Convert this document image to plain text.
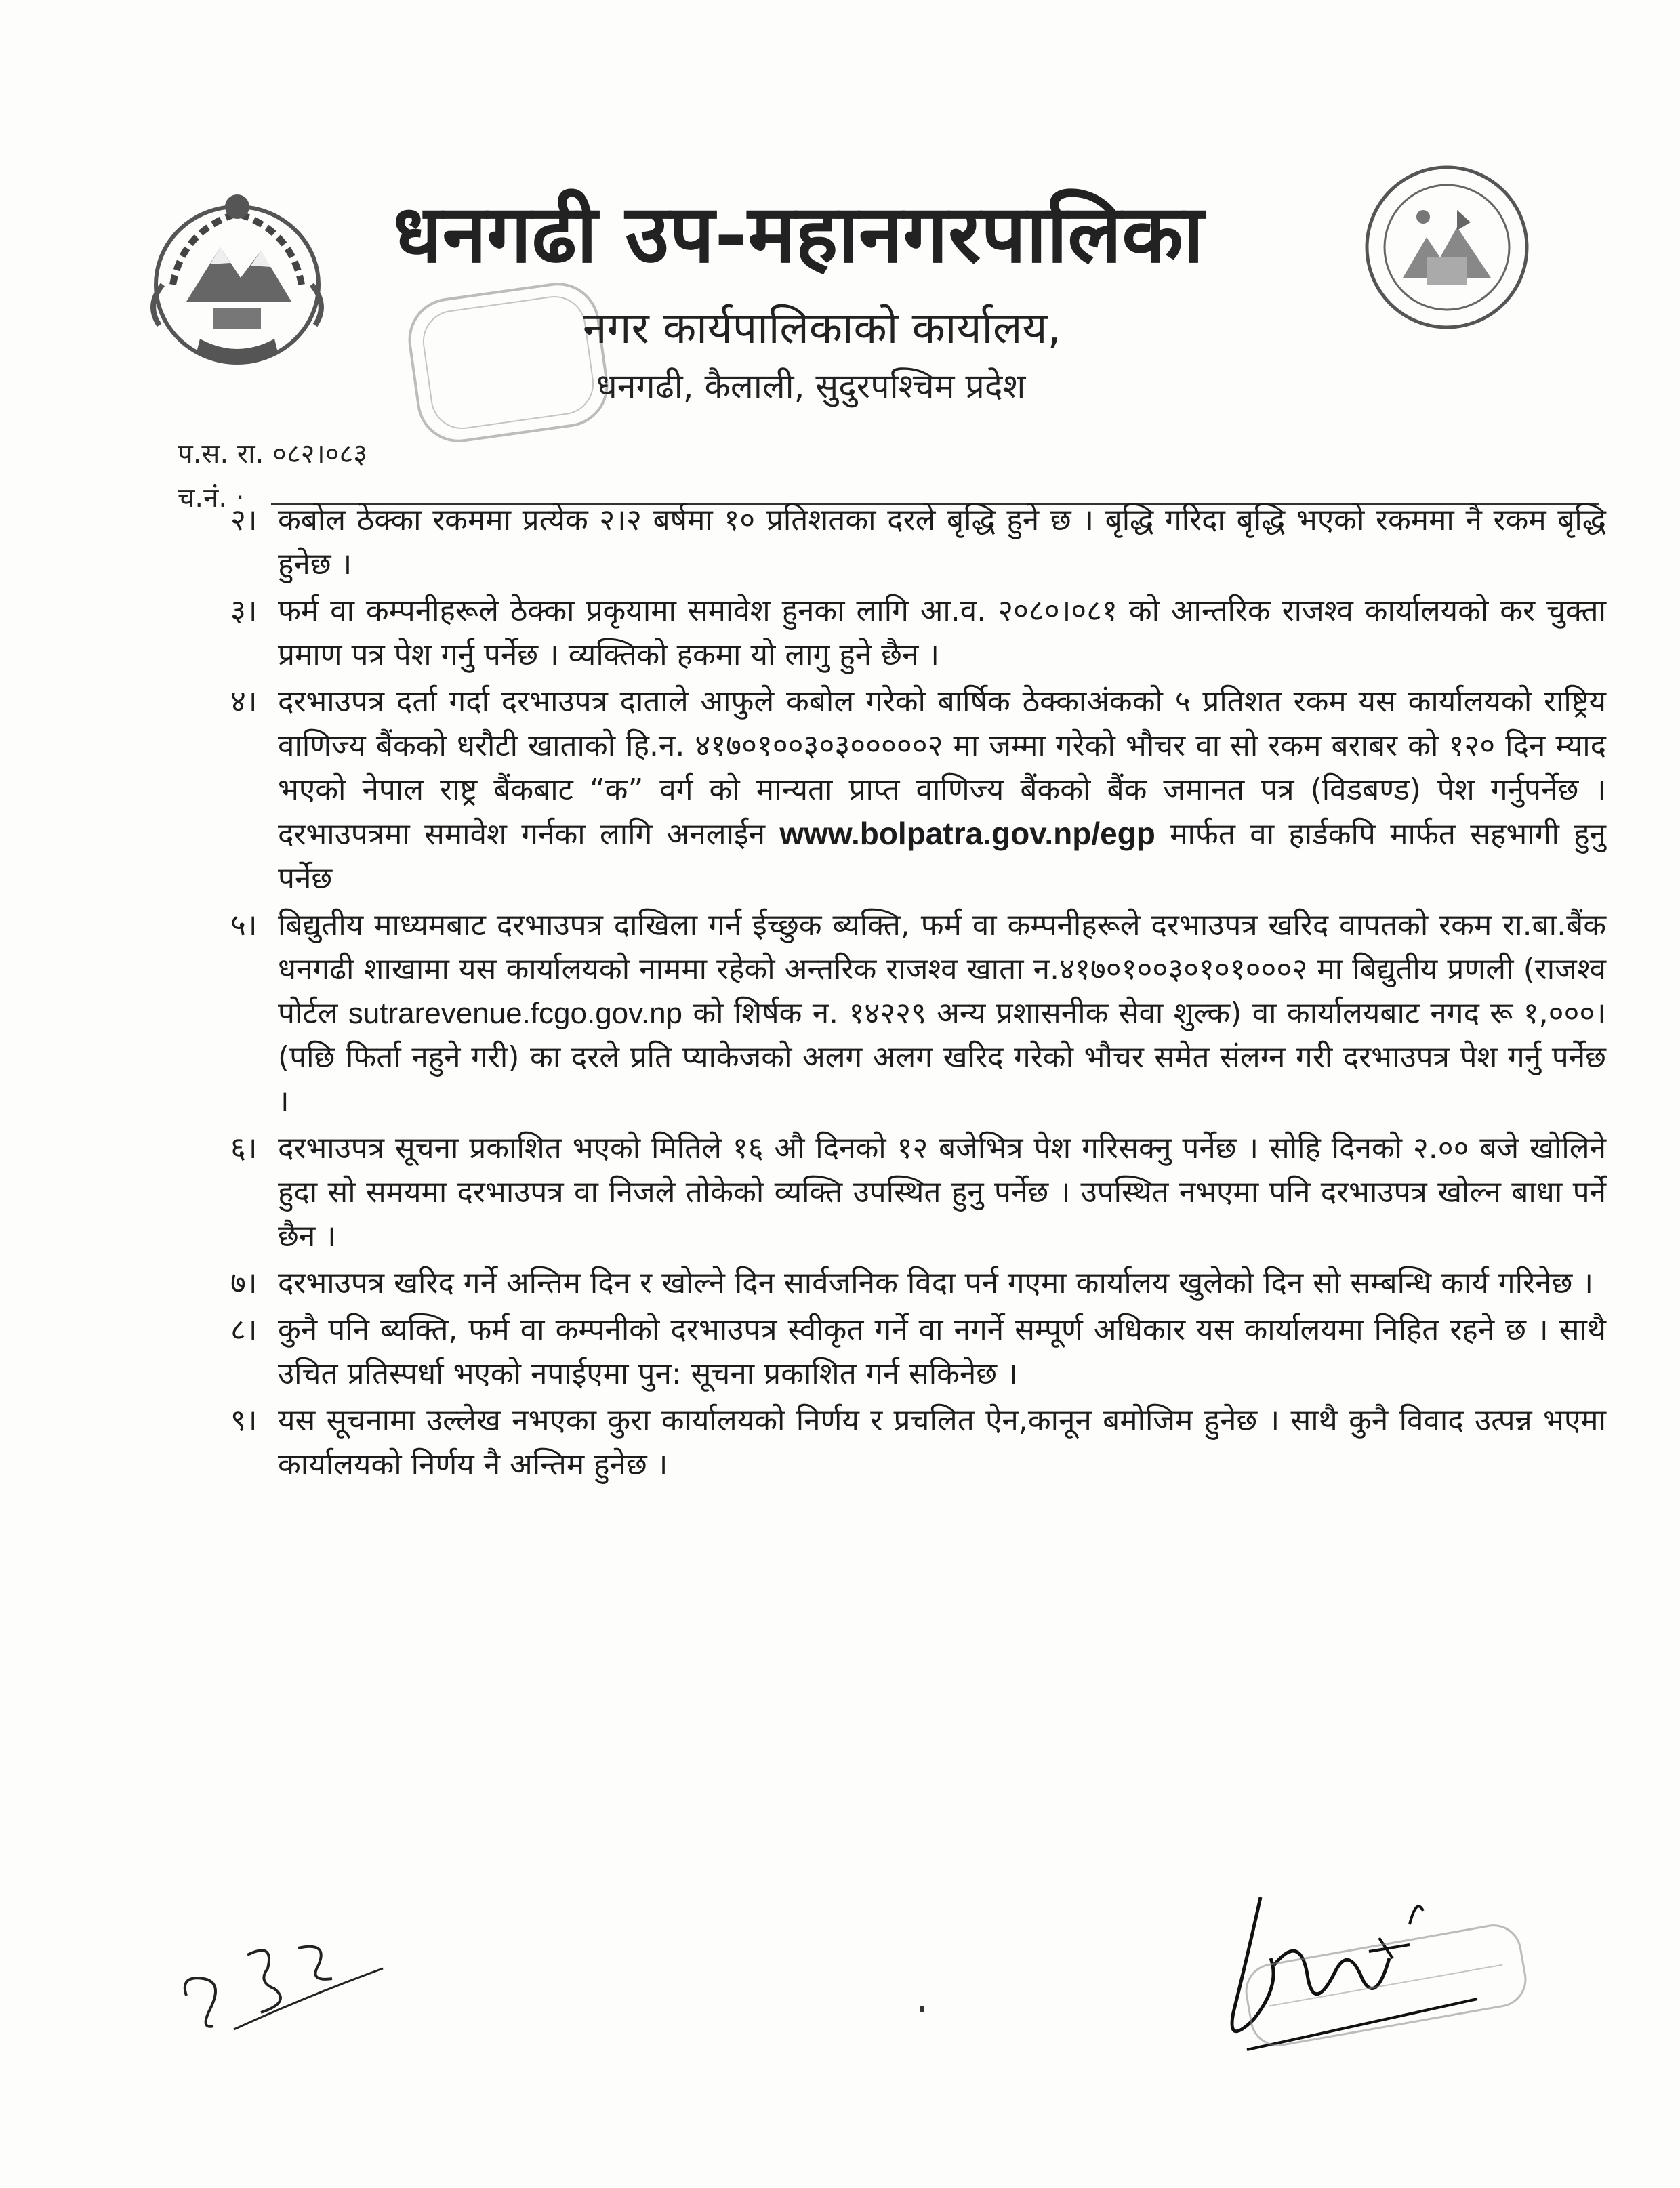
धनगढी उप-महानगरपालिका
नगर कार्यपालिकाको कार्यालय,
धनगढी, कैलाली, सुदुरपश्चिम प्रदेश
प.स. रा. ०८२।०८३
च.नं. ·
२। कबोल ठेक्का रकममा प्रत्येक २।२ बर्षमा १० प्रतिशतका दरले बृद्धि हुने छ । बृद्धि गरिदा बृद्धि भएको रकममा नै रकम बृद्धि हुनेछ ।
३। फर्म वा कम्पनीहरूले ठेक्का प्रकृयामा समावेश हुनका लागि आ.व. २०८०।०८१ को आन्तरिक राजश्व कार्यालयको कर चुक्ता प्रमाण पत्र पेश गर्नु पर्नेछ । व्यक्तिको हकमा यो लागु हुने छैन ।
४। दरभाउपत्र दर्ता गर्दा दरभाउपत्र दाताले आफुले कबोल गरेको बार्षिक ठेक्काअंकको ५ प्रतिशत रकम यस कार्यालयको राष्ट्रिय वाणिज्य बैंकको धरौटी खाताको हि.न. ४१७०१००३०३०००००२ मा जम्मा गरेको भौचर वा सो रकम बराबर को १२० दिन म्याद भएको नेपाल राष्ट्र बैंकबाट “क” वर्ग को मान्यता प्राप्त वाणिज्य बैंकको बैंक जमानत पत्र (विडबण्ड) पेश गर्नुपर्नेछ । दरभाउपत्रमा समावेश गर्नका लागि अनलाईन www.bolpatra.gov.np/egp मार्फत वा हार्डकपि मार्फत सहभागी हुनु पर्नेछ
५। बिद्युतीय माध्यमबाट दरभाउपत्र दाखिला गर्न ईच्छुक ब्यक्ति, फर्म वा कम्पनीहरूले दरभाउपत्र खरिद वापतको रकम रा.बा.बैंक धनगढी शाखामा यस कार्यालयको नाममा रहेको अन्तरिक राजश्व खाता न.४१७०१००३०१०१०००२ मा बिद्युतीय प्रणली (राजश्व पोर्टल sutrarevenue.fcgo.gov.np को शिर्षक न. १४२२९ अन्य प्रशासनीक सेवा शुल्क) वा कार्यालयबाट नगद रू १,०००। (पछि फिर्ता नहुने गरी) का दरले प्रति प्याकेजको अलग अलग खरिद गरेको भौचर समेत संलग्न गरी दरभाउपत्र पेश गर्नु पर्नेछ ।
६। दरभाउपत्र सूचना प्रकाशित भएको मितिले १६ औ दिनको १२ बजेभित्र पेश गरिसक्नु पर्नेछ । सोहि दिनको २.०० बजे खोलिने हुदा सो समयमा दरभाउपत्र वा निजले तोकेको व्यक्ति उपस्थित हुनु पर्नेछ । उपस्थित नभएमा पनि दरभाउपत्र खोल्न बाधा पर्ने छैन ।
७। दरभाउपत्र खरिद गर्ने अन्तिम दिन र खोल्ने दिन सार्वजनिक विदा पर्न गएमा कार्यालय खुलेको दिन सो सम्बन्धि कार्य गरिनेछ ।
८। कुनै पनि ब्यक्ति, फर्म वा कम्पनीको दरभाउपत्र स्वीकृत गर्ने वा नगर्ने सम्पूर्ण अधिकार यस कार्यालयमा निहित रहने छ । साथै उचित प्रतिस्पर्धा भएको नपाईएमा पुन: सूचना प्रकाशित गर्न सकिनेछ ।
९। यस सूचनामा उल्लेख नभएका कुरा कार्यालयको निर्णय र प्रचलित ऐन,कानून बमोजिम हुनेछ । साथै कुनै विवाद उत्पन्न भएमा कार्यालयको निर्णय नै अन्तिम हुनेछ ।
